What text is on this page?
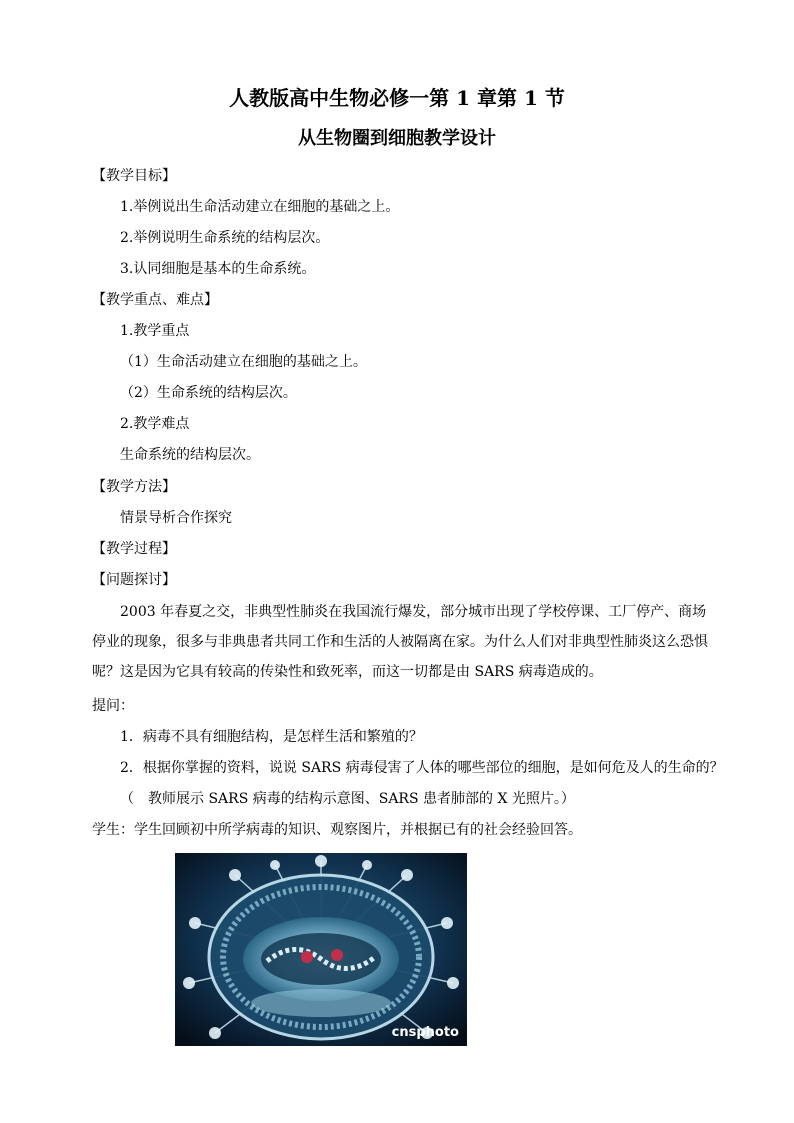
人教版高中生物必修一第 1 章第 1 节
从生物圈到细胞教学设计
【教学目标】
1.举例说出生命活动建立在细胞的基础之上。
2.举例说明生命系统的结构层次。
3.认同细胞是基本的生命系统。
【教学重点、难点】
1.教学重点
（1）生命活动建立在细胞的基础之上。
（2）生命系统的结构层次。
2.教学难点
生命系统的结构层次。
【教学方法】
情景导析合作探究
【教学过程】
【问题探讨】
2003 年春夏之交，非典型性肺炎在我国流行爆发，部分城市出现了学校停课、工厂停产、商场停业的现象，很多与非典患者共同工作和生活的人被隔离在家。为什么人们对非典型性肺炎这么恐惧呢？这是因为它具有较高的传染性和致死率，而这一切都是由 SARS 病毒造成的。
提问：
1．病毒不具有细胞结构，是怎样生活和繁殖的？
2．根据你掌握的资料，说说 SARS 病毒侵害了人体的哪些部位的细胞，是如何危及人的生命的？
（　教师展示 SARS 病毒的结构示意图、SARS 患者肺部的 X 光照片。）
学生：学生回顾初中所学病毒的知识、观察图片，并根据已有的社会经验回答。
cnsphoto
